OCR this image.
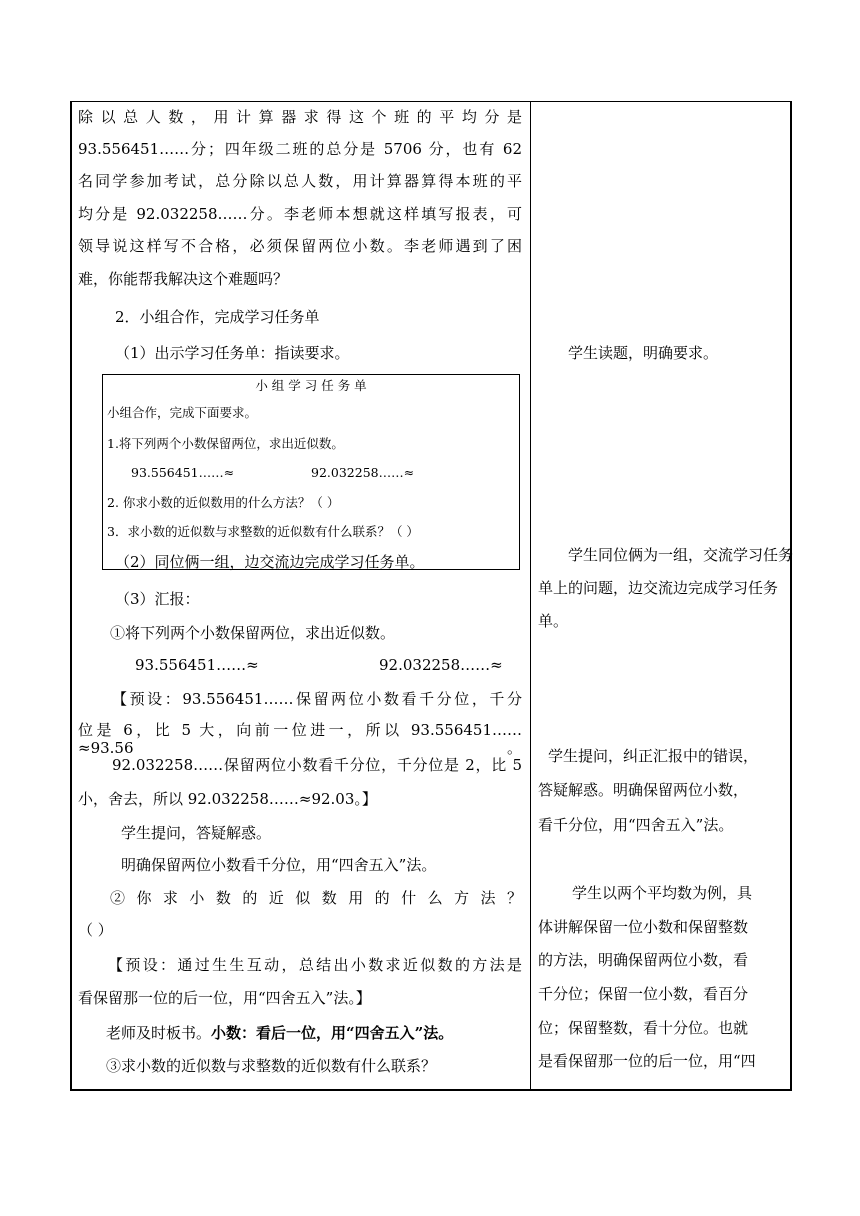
除以总人数，用计算器求得这个班的平均分是
93.556451……分；四年级二班的总分是 5706 分，也有 62
名同学参加考试，总分除以总人数，用计算器算得本班的平
均分是 92.032258……分。李老师本想就这样填写报表，可
领导说这样写不合格，必须保留两位小数。李老师遇到了困
难，你能帮我解决这个难题吗？
2．小组合作，完成学习任务单
（1）出示学习任务单：指读要求。
小 组 学 习 任 务 单
小组合作，完成下面要求。
1.将下列两个小数保留两位，求出近似数。
93.556451……≈	92.032258……≈
2. 你求小数的近似数用的什么方法？（ ）
3．求小数的近似数与求整数的近似数有什么联系？（ ）
（2）同位俩一组，边交流边完成学习任务单。
（3）汇报：
①将下列两个小数保留两位，求出近似数。
93.556451……≈	92.032258……≈
【预设：93.556451……保留两位小数看千分位，千分
位是 6，比 5 大，向前一位进一，所以 93.556451……≈93.56。
92.032258……保留两位小数看千分位，千分位是 2，比 5
小，舍去，所以 92.032258……≈92.03。】
学生提问，答疑解惑。
明确保留两位小数看千分位，用“四舍五入”法。
②你求小数的近似数用的什么方法？
（ ）
【预设：通过生生互动，总结出小数求近似数的方法是
看保留那一位的后一位，用“四舍五入”法。】
老师及时板书。小数：看后一位，用“四舍五入”法。
③求小数的近似数与求整数的近似数有什么联系？
学生读题，明确要求。
学生同位俩为一组，交流学习任务
单上的问题，边交流边完成学习任务
单。
学生提问，纠正汇报中的错误，
答疑解惑。明确保留两位小数，
看千分位，用“四舍五入”法。
学生以两个平均数为例，具
体讲解保留一位小数和保留整数
的方法，明确保留两位小数，看
千分位；保留一位小数，看百分
位；保留整数，看十分位。也就
是看保留那一位的后一位，用“四
